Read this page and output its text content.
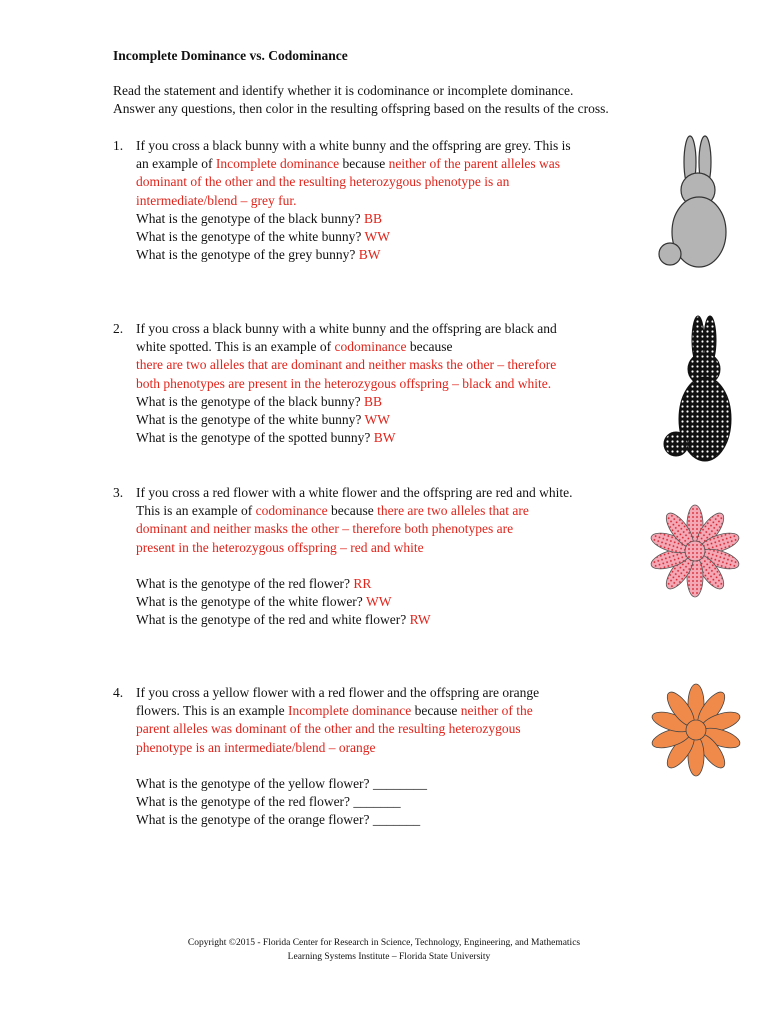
Incomplete Dominance vs. Codominance
Read the statement and identify whether it is codominance or incomplete dominance.
Answer any questions, then color in the resulting offspring based on the results of the cross.
1. If you cross a black bunny with a white bunny and the offspring are grey. This is
an example of Incomplete dominance because neither of the parent alleles was
dominant of the other and the resulting heterozygous phenotype is an
intermediate/blend – grey fur.
What is the genotype of the black bunny? BB
What is the genotype of the white bunny? WW
What is the genotype of the grey bunny? BW
2. If you cross a black bunny with a white bunny and the offspring are black and
white spotted. This is an example of codominance because
there are two alleles that are dominant and neither masks the other – therefore
both phenotypes are present in the heterozygous offspring – black and white.
What is the genotype of the black bunny? BB
What is the genotype of the white bunny? WW
What is the genotype of the spotted bunny? BW
3. If you cross a red flower with a white flower and the offspring are red and white.
This is an example of codominance because there are two alleles that are
dominant and neither masks the other – therefore both phenotypes are
present in the heterozygous offspring – red and white
What is the genotype of the red flower? RR
What is the genotype of the white flower? WW
What is the genotype of the red and white flower? RW
4. If you cross a yellow flower with a red flower and the offspring are orange
flowers. This is an example Incomplete dominance because neither of the
parent alleles was dominant of the other and the resulting heterozygous
phenotype is an intermediate/blend – orange
What is the genotype of the yellow flower? ________
What is the genotype of the red flower? _______
What is the genotype of the orange flower? _______
Copyright ©2015 - Florida Center for Research in Science, Technology, Engineering, and Mathematics
Learning Systems Institute – Florida State University
